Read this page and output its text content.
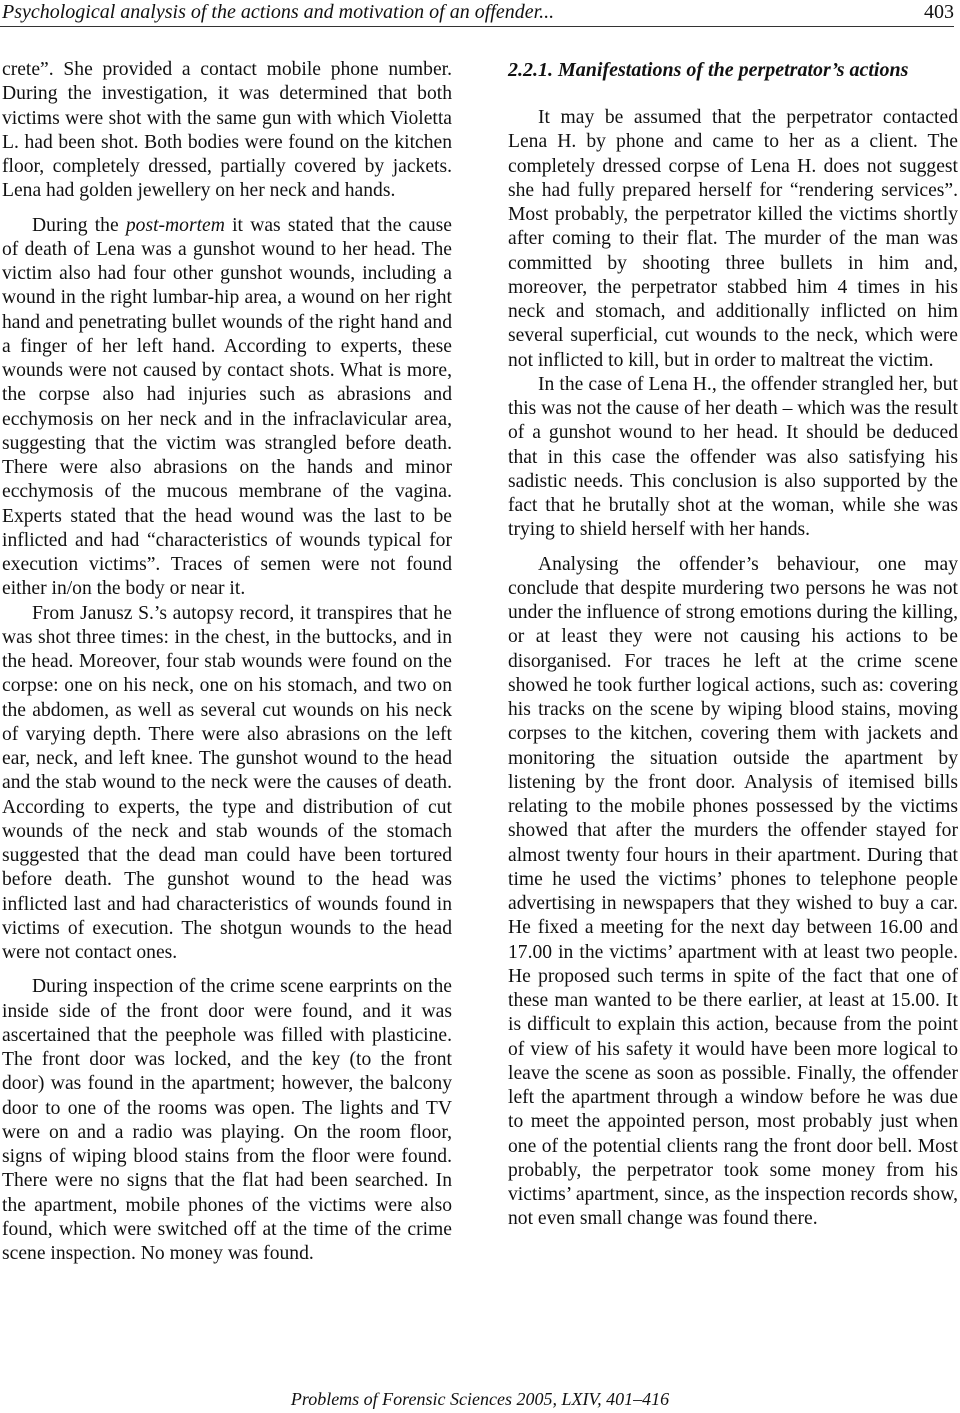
Psychological analysis of the actions and motivation of an offender...	403

crete”. She provided a contact mobile phone number. During the investigation, it was determined that both victims were shot with the same gun with which Violetta L. had been shot. Both bodies were found on the kitchen floor, completely dressed, partially covered by jackets. Lena had golden jewellery on her neck and hands.

During the post-mortem it was stated that the cause of death of Lena was a gunshot wound to her head. The victim also had four other gunshot wounds, including a wound in the right lumbar-hip area, a wound on her right hand and penetrating bullet wounds of the right hand and a finger of her left hand. According to experts, these wounds were not caused by contact shots. What is more, the corpse also had injuries such as abrasions and ecchymosis on her neck and in the infraclavicular area, suggesting that the victim was strangled before death. There were also abrasions on the hands and minor ecchymosis of the mucous membrane of the vagina. Experts stated that the head wound was the last to be inflicted and had “characteristics of wounds typical for execution victims”. Traces of semen were not found either in/on the body or near it.

From Janusz S.’s autopsy record, it transpires that he was shot three times: in the chest, in the buttocks, and in the head. Moreover, four stab wounds were found on the corpse: one on his neck, one on his stomach, and two on the abdomen, as well as several cut wounds on his neck of varying depth. There were also abrasions on the left ear, neck, and left knee. The gunshot wound to the head and the stab wound to the neck were the causes of death. According to experts, the type and distribution of cut wounds of the neck and stab wounds of the stomach suggested that the dead man could have been tortured before death. The gunshot wound to the head was inflicted last and had characteristics of wounds found in victims of execution. The shotgun wounds to the head were not contact ones.

During inspection of the crime scene earprints on the inside side of the front door were found, and it was ascertained that the peephole was filled with plasticine. The front door was locked, and the key (to the front door) was found in the apartment; however, the balcony door to one of the rooms was open. The lights and TV were on and a radio was playing. On the room floor, signs of wiping blood stains from the floor were found. There were no signs that the flat had been searched. In the apartment, mobile phones of the victims were also found, which were switched off at the time of the crime scene inspection. No money was found.

2.2.1. Manifestations of the perpetrator’s actions

It may be assumed that the perpetrator contacted Lena H. by phone and came to her as a client. The completely dressed corpse of Lena H. does not suggest she had fully prepared herself for “rendering services”. Most probably, the perpetrator killed the victims shortly after coming to their flat. The murder of the man was committed by shooting three bullets in him and, moreover, the perpetrator stabbed him 4 times in his neck and stomach, and additionally inflicted on him several superficial, cut wounds to the neck, which were not inflicted to kill, but in order to maltreat the victim.

In the case of Lena H., the offender strangled her, but this was not the cause of her death – which was the result of a gunshot wound to her head. It should be deduced that in this case the offender was also satisfying his sadistic needs. This conclusion is also supported by the fact that he brutally shot at the woman, while she was trying to shield herself with her hands.

Analysing the offender’s behaviour, one may conclude that despite murdering two persons he was not under the influence of strong emotions during the killing, or at least they were not causing his actions to be disorganised. For traces he left at the crime scene showed he took further logical actions, such as: covering his tracks on the scene by wiping blood stains, moving corpses to the kitchen, covering them with jackets and monitoring the situation outside the apartment by listening by the front door. Analysis of itemised bills relating to the mobile phones possessed by the victims showed that after the murders the offender stayed for almost twenty four hours in their apartment. During that time he used the victims’ phones to telephone people advertising in newspapers that they wished to buy a car. He fixed a meeting for the next day between 16.00 and 17.00 in the victims’ apartment with at least two people. He proposed such terms in spite of the fact that one of these man wanted to be there earlier, at least at 15.00. It is difficult to explain this action, because from the point of view of his safety it would have been more logical to leave the scene as soon as possible. Finally, the offender left the apartment through a window before he was due to meet the appointed person, most probably just when one of the potential clients rang the front door bell. Most probably, the perpetrator took some money from his victims’ apartment, since, as the inspection records show, not even small change was found there.

Problems of Forensic Sciences 2005, LXIV, 401–416
